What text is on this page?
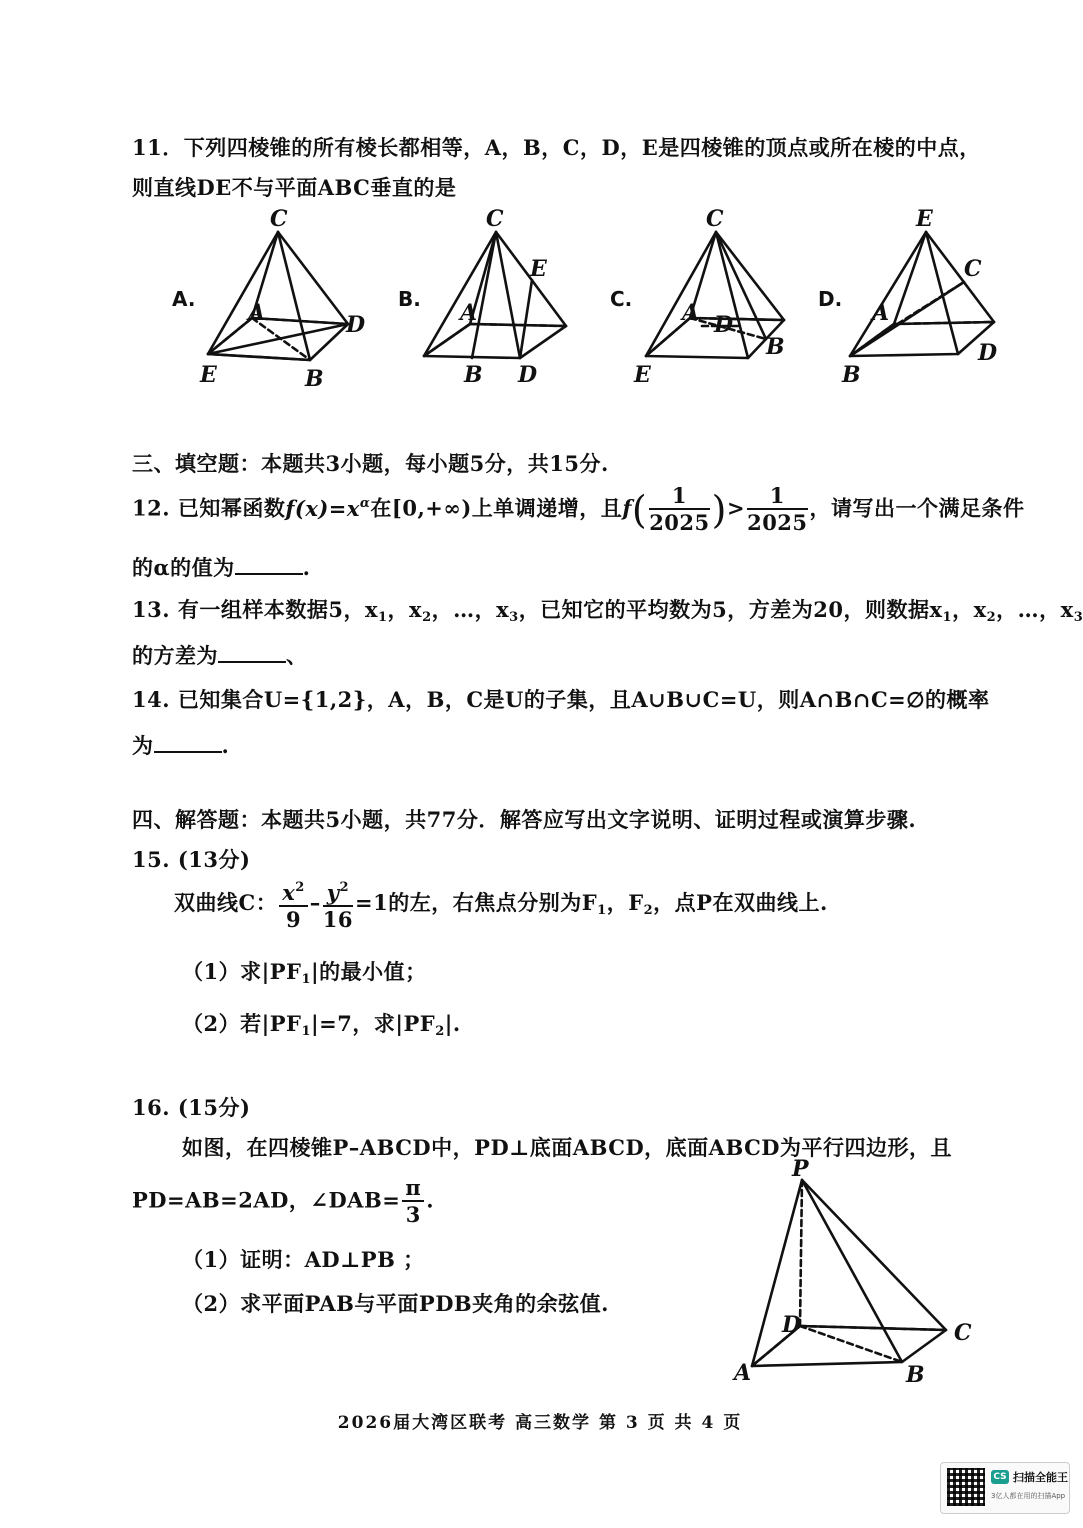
11．下列四棱锥的所有棱长都相等，A，B，C，D，E是四棱锥的顶点或所在棱的中点，
则直线DE不与平面ABC垂直的是
A.
C
A	D
E	B
B.
C
E
A
B D
C.
C
A D
B
E
D.
E
C
A
D
B
三、填空题：本题共3小题，每小题5分，共15分.
12. 已知幂函数$f(x)=x^\alpha$在[0,+∞)上单调递增，且$f( \frac{1}{2025}$ )> $\frac{1}{2025}$ ，请写出一个满足条件
的α的值为	.
13. 有一组样本数据5，$x_1$，$x_2$，…，$x_3$，已知它的平均数为5，方差为20，则数据$x_1$，$x_2$，…，$x_3$
的方差为	、
14. 已知集合U={1,2}，A，B，C是U的子集，且A∪B∪C=U，则A∩B∩C=∅的概率
为	.
四、解答题：本题共5小题，共77分．解答应写出文字说明、证明过程或演算步骤.
15. (13分)
双曲线C： $\frac{x^2}{9} - \frac{y^2}{16} =1$的左，右焦点分别为$F_1$，$F_2$，点P在双曲线上.
（1）求$|PF_1|$的最小值；
（2）若$|PF_1|=7$，求$|PF_2|$.
16. (15分)
如图，在四棱锥P–ABCD中，PD⊥底面ABCD，底面ABCD为平行四边形，且
PD=AB=2AD，∠DAB= $\frac{\pi}{3}$ .
（1）证明：AD⊥PB ；
（2）求平面PAB与平面PDB夹角的余弦值.
P
D	C
A	B
2026届大湾区联考 高三数学 第 3 页 共 4 页
CS 扫描全能王
3亿人都在用的扫描App
